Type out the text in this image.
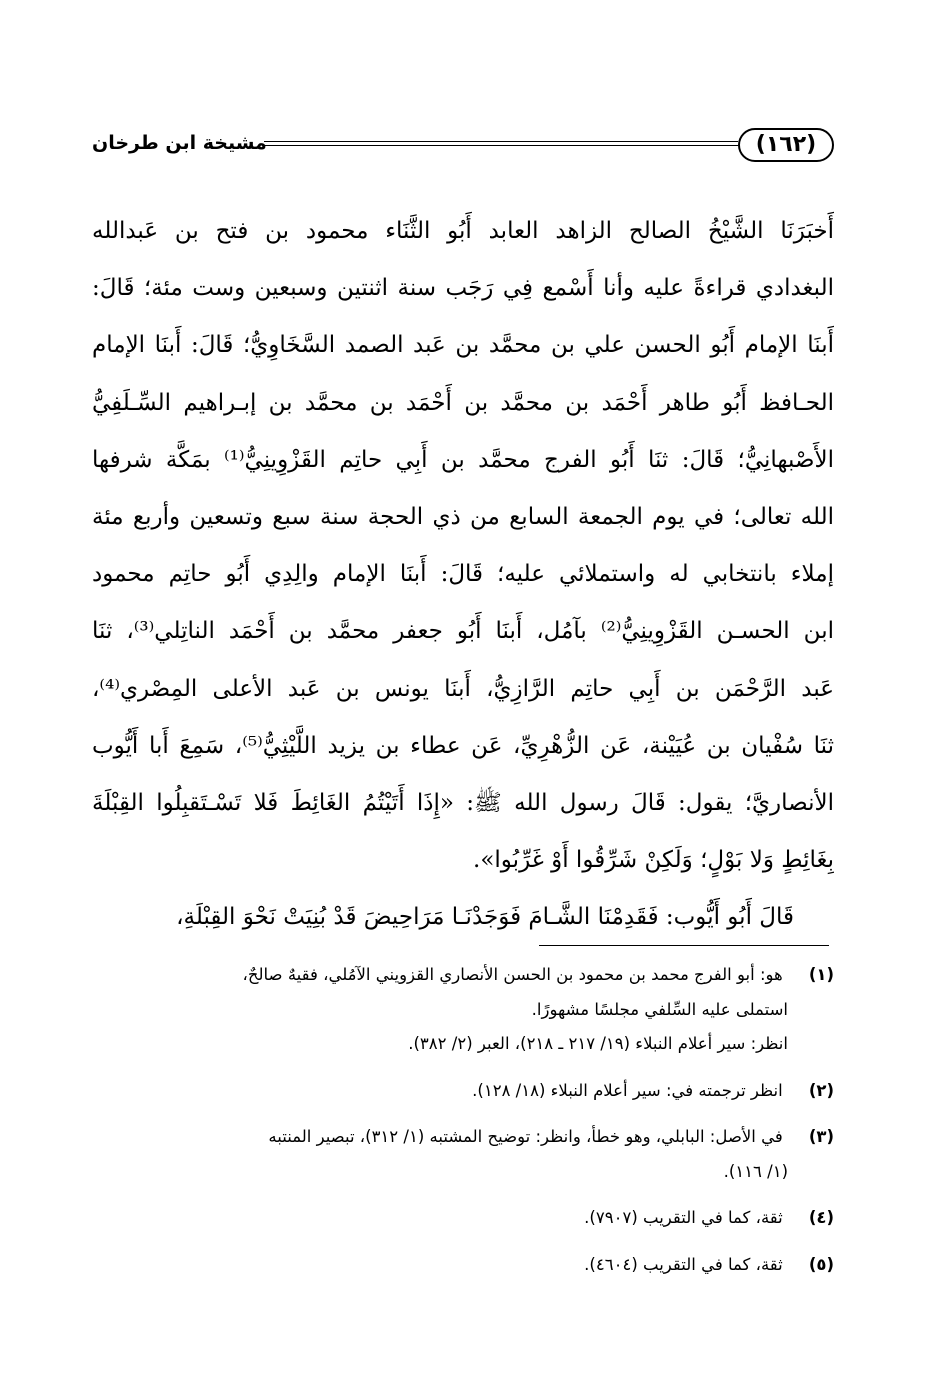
(١٦٢)
مشيخة ابن طرخان
أَخبَرَنَا الشَّيْخُ الصالح الزاهد العابد أَبُو الثَّنَاء محمود بن فتح بن عَبدالله
البغدادي قراءةً عليه وأنا أَسْمع فِي رَجَب سنة اثنتين وسبعين وست مئة؛ قَالَ:
أَبنَا الإمام أَبُو الحسن علي بن محمَّد بن عَبد الصمد السَّخَاوِيُّ؛ قَالَ: أَبنَا الإمام
الحـافظ أَبُو طاهر أَحْمَد بن محمَّد بن أَحْمَد بن محمَّد بن إبـراهيم السِّـلَفِيُّ
الأَصْبهانِيُّ؛ قَالَ: ثنَا أَبُو الفرج محمَّد بن أَبِي حاتِم القَزْوِينِيُّ⁽¹⁾ بمَكَّة شرفها
الله تعالى؛ في يوم الجمعة السابع من ذي الحجة سنة سبع وتسعين وأربع مئة
إملاء بانتخابي له واستملائي عليه؛ قَالَ: أَبنَا الإمام والِدِي أَبُو حاتِم محمود
ابن الحسـن القَزْوِينِيُّ⁽²⁾ بآمُل، أَبنَا أَبُو جعفر محمَّد بن أَحْمَد الناتِلي⁽³⁾، ثنَا
عَبد الرَّحْمَن بن أَبِي حاتِم الرَّازِيُّ، أَبنَا يونس بن عَبد الأعلى المِصْري⁽⁴⁾،
ثنَا سُفْيان بن عُيَيْنة، عَن الزُّهْرِيِّ، عَن عطاء بن يزيد اللَّيْثِيُّ⁽⁵⁾، سَمِعَ أَبا أَيُّوب
الأنصاريَّ؛ يقول: قَالَ رسول الله ﷺ: «إِذَا أَتَيْتُمُ الغَائِطَ فَلا تَسْـتَقبِلُوا القِبْلَةَ
بِغَائِطٍ وَلا بَوْلٍ؛ وَلَكِنْ شَرِّقُوا أَوْ غَرِّبُوا».
قَالَ أَبُو أَيُّوب: فَقَدِمْنَا الشَّـامَ فَوَجَدْنَـا مَرَاحِيضَ قَدْ بُنِيَتْ نَحْوَ القِبْلَةِ،
(١) هو: أبو الفرج محمد بن محمود بن الحسن الأنصاري القزويني الآمُلي، فقيهٌ صالحٌ،
استملى عليه السِّلفي مجلسًا مشهورًا.
انظر: سير أعلام النبلاء (١٩/ ٢١٧ ـ ٢١٨)، العبر (٢/ ٣٨٢).
(٢) انظر ترجمته في: سير أعلام النبلاء (١٨/ ١٢٨).
(٣) في الأصل: البابلي، وهو خطأ، وانظر: توضيح المشتبه (١/ ٣١٢)، تبصير المنتبه
(١/ ١١٦).
(٤) ثقة، كما في التقريب (٧٩٠٧).
(٥) ثقة، كما في التقريب (٤٦٠٤).
